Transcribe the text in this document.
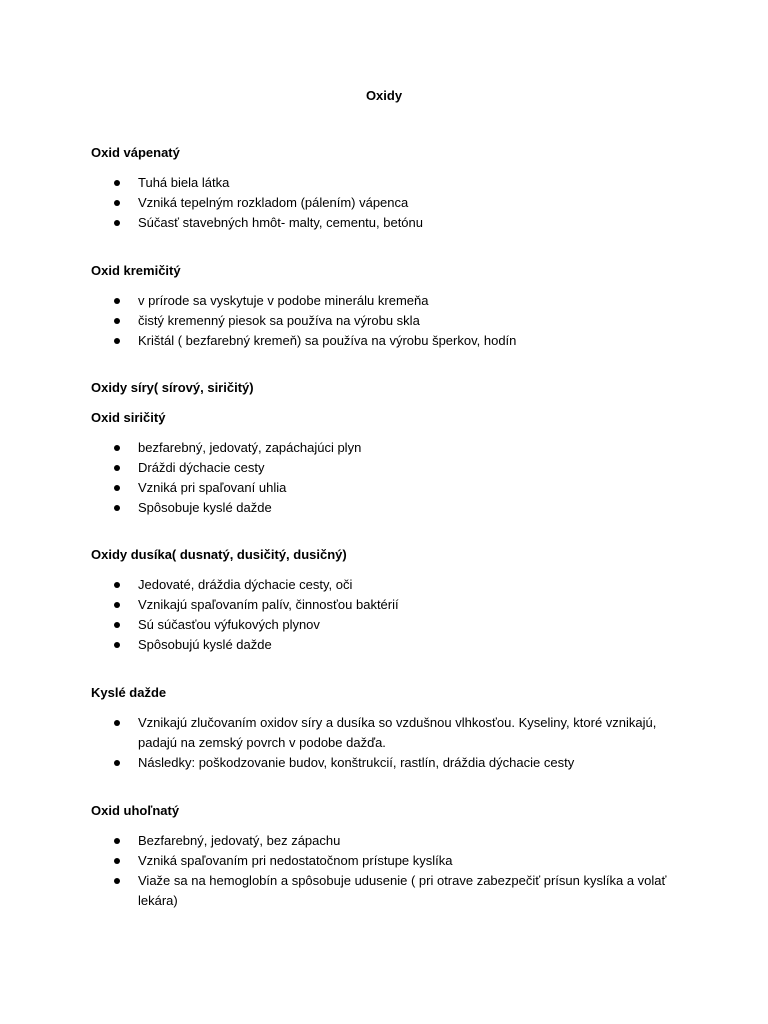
Oxidy
Oxid vápenatý
Tuhá biela látka
Vzniká tepelným rozkladom (pálením) vápenca
Súčasť stavebných hmôt- malty, cementu, betónu
Oxid kremičitý
v prírode sa vyskytuje v podobe minerálu kremeňa
čistý kremenný piesok sa používa na výrobu skla
Krištál ( bezfarebný kremeň) sa používa na výrobu šperkov, hodín
Oxidy síry( sírový, siričitý)
Oxid siričitý
bezfarebný, jedovatý, zapáchajúci plyn
Dráždi dýchacie cesty
Vzniká pri spaľovaní uhlia
Spôsobuje kyslé dažde
Oxidy dusíka( dusnatý, dusičitý, dusičný)
Jedovaté, dráždia dýchacie cesty, oči
Vznikajú spaľovaním palív, činnosťou baktérií
Sú súčasťou výfukových plynov
Spôsobujú kyslé dažde
Kyslé dažde
Vznikajú zlučovaním oxidov síry a dusíka so vzdušnou vlhkosťou. Kyseliny, ktoré vznikajú, padajú na zemský povrch v podobe dažďa.
Následky: poškodzovanie budov, konštrukcií, rastlín, dráždia dýchacie cesty
Oxid uhoľnatý
Bezfarebný, jedovatý, bez zápachu
Vzniká spaľovaním pri nedostatočnom prístupe kyslíka
Viaže sa na hemoglobín a spôsobuje udusenie ( pri otrave zabezpečiť prísun kyslíka a volať lekára)
